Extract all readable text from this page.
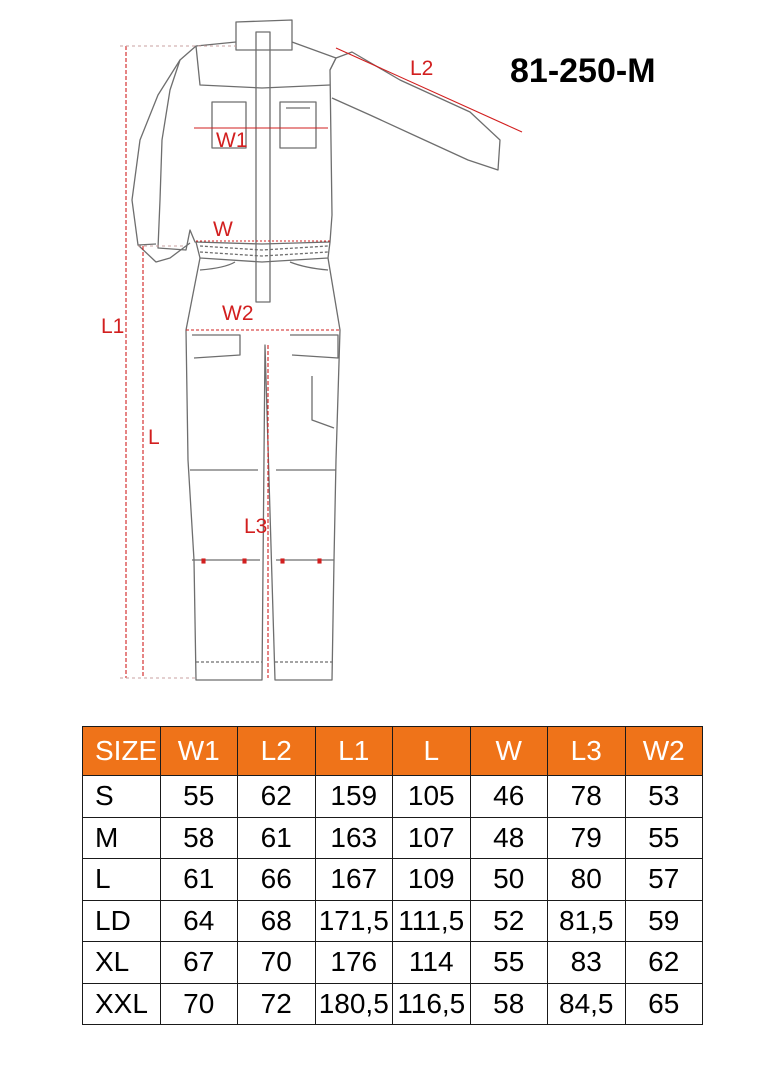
W1
W
W2
L1
L
L2
L3
81-250-M
SIZE	W1	L2	L1	L	W	L3	W2
S	55	62	159	105	46	78	53
M	58	61	163	107	48	79	55
L	61	66	167	109	50	80	57
LD	64	68	171,5	111,5	52	81,5	59
XL	67	70	176	114	55	83	62
XXL	70	72	180,5	116,5	58	84,5	65
